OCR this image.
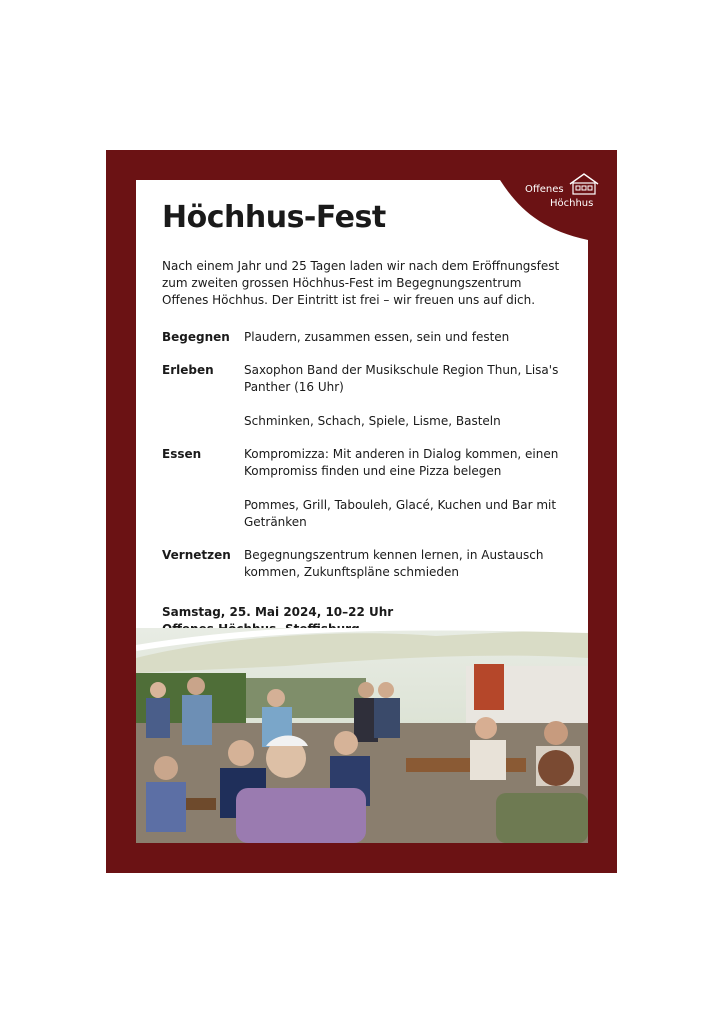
Offenes
Höchhus
Höchhus-Fest
Nach einem Jahr und 25 Tagen laden wir nach dem Eröffnungsfest zum zweiten grossen Höchhus-Fest im Begegnungszentrum Offenes Höchhus. Der Eintritt ist frei – wir freuen uns auf dich.
Begegnen Plaudern, zusammen essen, sein und festen
Erleben	Saxophon Band der Musikschule Region Thun, Lisa's Panther (16 Uhr)
Schminken, Schach, Spiele, Lisme, Basteln
Essen	Kompromizza: Mit anderen in Dialog kommen, einen Kompromiss finden und eine Pizza belegen
Pommes, Grill, Tabouleh, Glacé, Kuchen und Bar mit Getränken
Vernetzen Begegnungszentrum kennen lernen, in Austausch kommen, Zukunftspläne schmieden
Samstag, 25. Mai 2024, 10–22 Uhr
